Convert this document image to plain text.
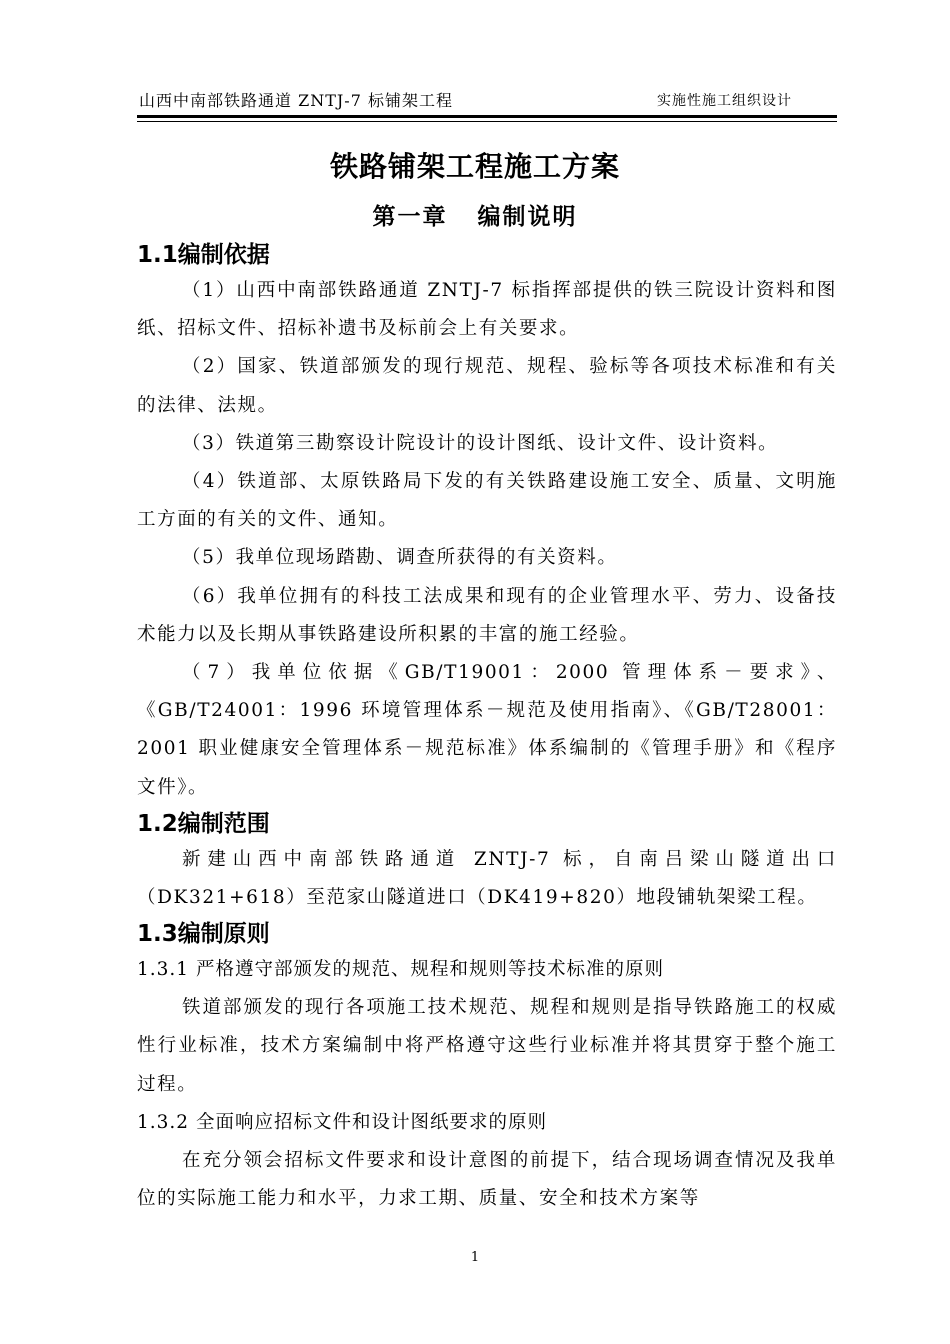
山西中南部铁路通道 ZNTJ-7 标铺架工程	实施性施工组织设计
铁路铺架工程施工方案
第一章   编制说明
1.1编制依据

（1）山西中南部铁路通道 ZNTJ-7 标指挥部提供的铁三院设计资料和图纸、招标文件、招标补遗书及标前会上有关要求。

（2）国家、铁道部颁发的现行规范、规程、验标等各项技术标准和有关的法律、法规。

（3）铁道第三勘察设计院设计的设计图纸、设计文件、设计资料。

（4）铁道部、太原铁路局下发的有关铁路建设施工安全、质量、文明施工方面的有关的文件、通知。

（5）我单位现场踏勘、调查所获得的有关资料。

（6）我单位拥有的科技工法成果和现有的企业管理水平、劳力、设备技术能力以及长期从事铁路建设所积累的丰富的施工经验。

（7）我单位依据《GB/T19001：2000 管理体系－要求》、《GB/T24001：1996 环境管理体系－规范及使用指南》、《GB/T28001：2001 职业健康安全管理体系－规范标准》体系编制的《管理手册》和《程序文件》。

1.2编制范围

新建山西中南部铁路通道 ZNTJ-7 标，自南吕梁山隧道出口（DK321+618）至范家山隧道进口（DK419+820）地段铺轨架梁工程。

1.3编制原则

1.3.1 严格遵守部颁发的规范、规程和规则等技术标准的原则

铁道部颁发的现行各项施工技术规范、规程和规则是指导铁路施工的权威性行业标准，技术方案编制中将严格遵守这些行业标准并将其贯穿于整个施工过程。

1.3.2 全面响应招标文件和设计图纸要求的原则

在充分领会招标文件要求和设计意图的前提下，结合现场调查情况及我单位的实际施工能力和水平，力求工期、质量、安全和技术方案等

1
